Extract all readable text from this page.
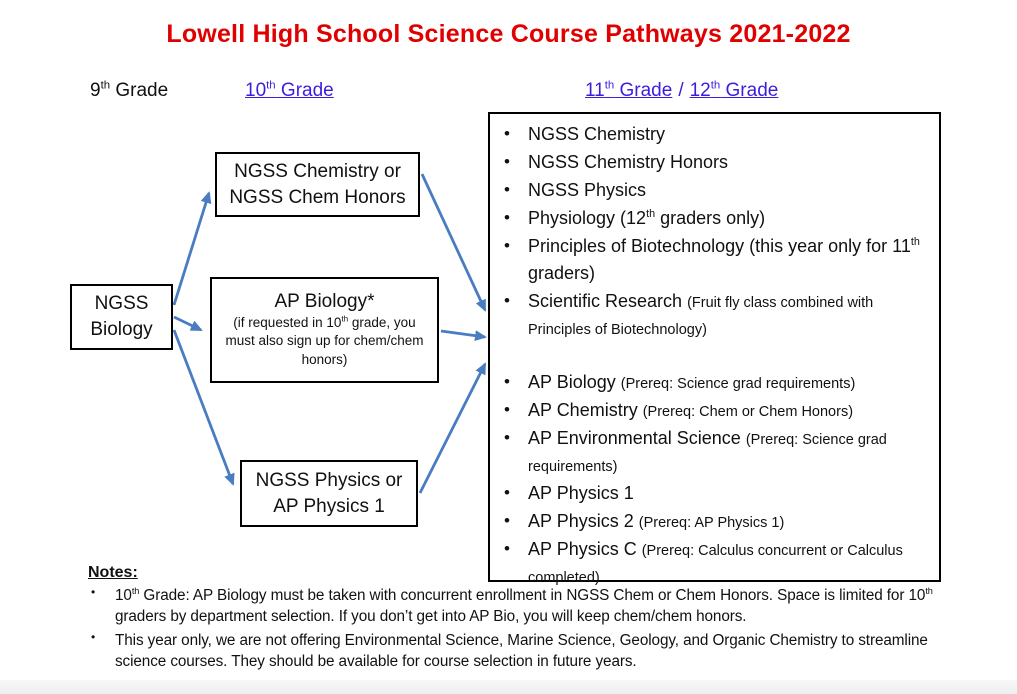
Lowell High School Science Course Pathways 2021-2022
9th Grade	10th Grade	11th Grade / 12th Grade
NGSS Biology
NGSS Chemistry or
NGSS Chem Honors
AP Biology*
(if requested in 10th grade, you must also sign up for chem/chem honors)
NGSS Physics or
AP Physics 1
• NGSS Chemistry
• NGSS Chemistry Honors
• NGSS Physics
• Physiology (12th graders only)
• Principles of Biotechnology (this year only for 11th graders)
• Scientific Research (Fruit fly class combined with Principles of Biotechnology)
• AP Biology (Prereq: Science grad requirements)
• AP Chemistry (Prereq: Chem or Chem Honors)
• AP Environmental Science (Prereq: Science grad requirements)
• AP Physics 1
• AP Physics 2 (Prereq: AP Physics 1)
• AP Physics C (Prereq: Calculus concurrent or Calculus completed)
Notes:
• 10th Grade: AP Biology must be taken with concurrent enrollment in NGSS Chem or Chem Honors. Space is limited for 10th graders by department selection. If you don’t get into AP Bio, you will keep chem/chem honors.
• This year only, we are not offering Environmental Science, Marine Science, Geology, and Organic Chemistry to streamline science courses. They should be available for course selection in future years.
